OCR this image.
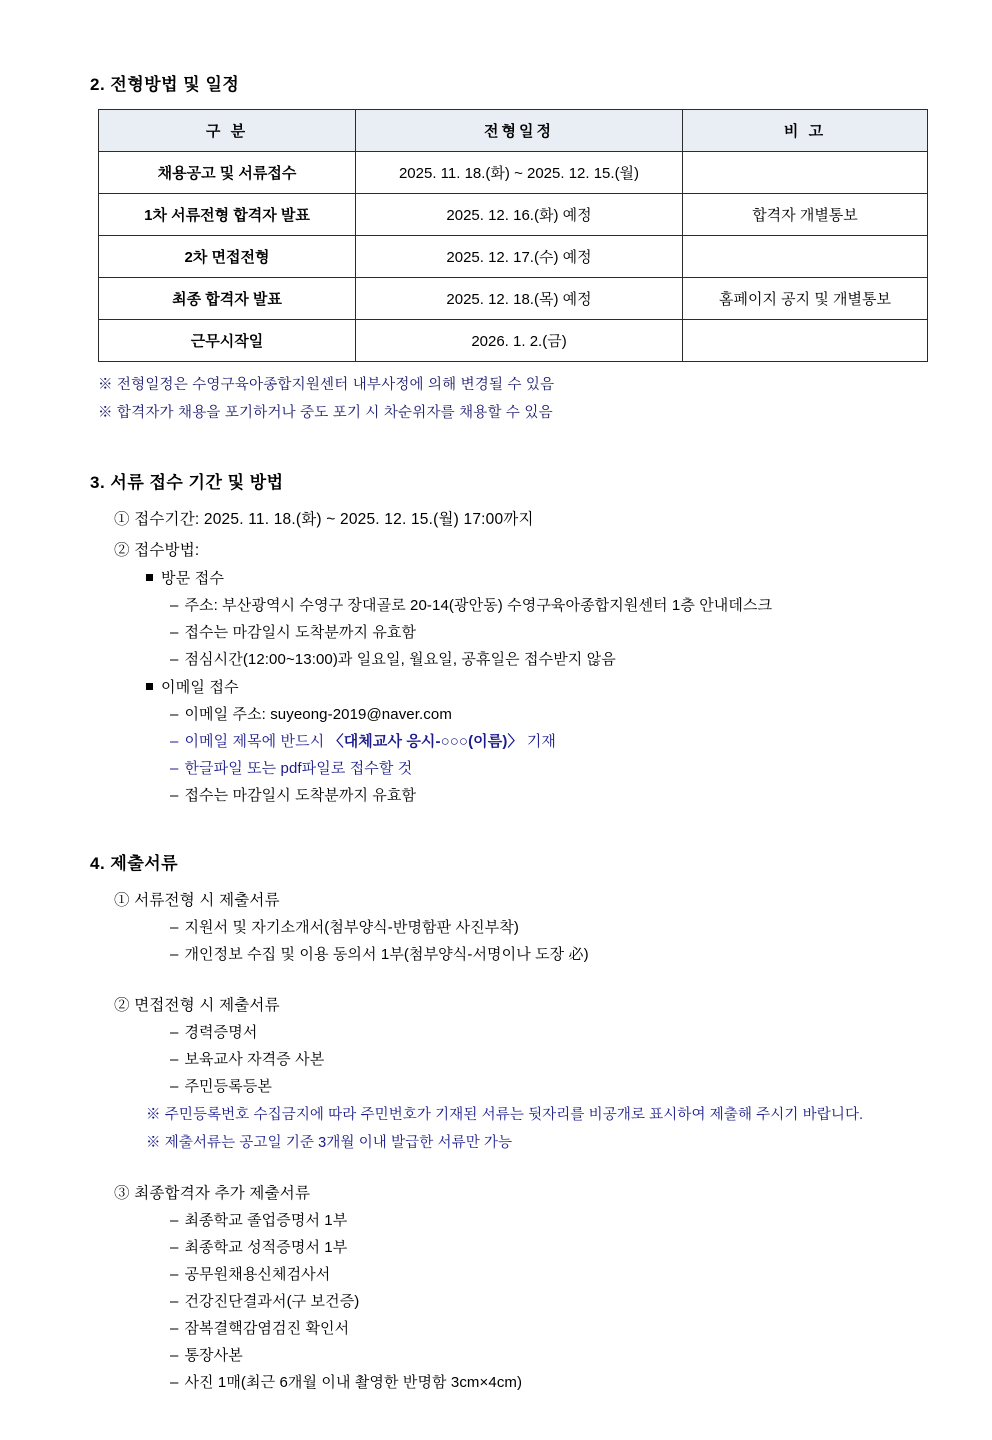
2. 전형방법 및 일정
구 분	전형일정	비 고
채용공고 및 서류접수	2025. 11. 18.(화) ~ 2025. 12. 15.(월)	
1차 서류전형 합격자 발표	2025. 12. 16.(화) 예정	합격자 개별통보
2차 면접전형	2025. 12. 17.(수) 예정	
최종 합격자 발표	2025. 12. 18.(목) 예정	홈페이지 공지 및 개별통보
근무시작일	2026. 1. 2.(금)	
※ 전형일정은 수영구육아종합지원센터 내부사정에 의해 변경될 수 있음
※ 합격자가 채용을 포기하거나 중도 포기 시 차순위자를 채용할 수 있음
3. 서류 접수 기간 및 방법
① 접수기간: 2025. 11. 18.(화) ~ 2025. 12. 15.(월) 17:00까지
② 접수방법:
방문 접수
– 주소: 부산광역시 수영구 장대골로 20-14(광안동) 수영구육아종합지원센터 1층 안내데스크
– 접수는 마감일시 도착분까지 유효함
– 점심시간(12:00~13:00)과 일요일, 월요일, 공휴일은 접수받지 않음
이메일 접수
– 이메일 주소: suyeong-2019@naver.com
– 이메일 제목에 반드시 〈대체교사 응시-○○○(이름)〉 기재
– 한글파일 또는 pdf파일로 접수할 것
– 접수는 마감일시 도착분까지 유효함
4. 제출서류
① 서류전형 시 제출서류
– 지원서 및 자기소개서(첨부양식-반명함판 사진부착)
– 개인정보 수집 및 이용 동의서 1부(첨부양식-서명이나 도장 必)
② 면접전형 시 제출서류
– 경력증명서
– 보육교사 자격증 사본
– 주민등록등본
※ 주민등록번호 수집금지에 따라 주민번호가 기재된 서류는 뒷자리를 비공개로 표시하여 제출해 주시기 바랍니다.
※ 제출서류는 공고일 기준 3개월 이내 발급한 서류만 가능
③ 최종합격자 추가 제출서류
– 최종학교 졸업증명서 1부
– 최종학교 성적증명서 1부
– 공무원채용신체검사서
– 건강진단결과서(구 보건증)
– 잠복결핵감염검진 확인서
– 통장사본
– 사진 1매(최근 6개월 이내 촬영한 반명함 3cm×4cm)
